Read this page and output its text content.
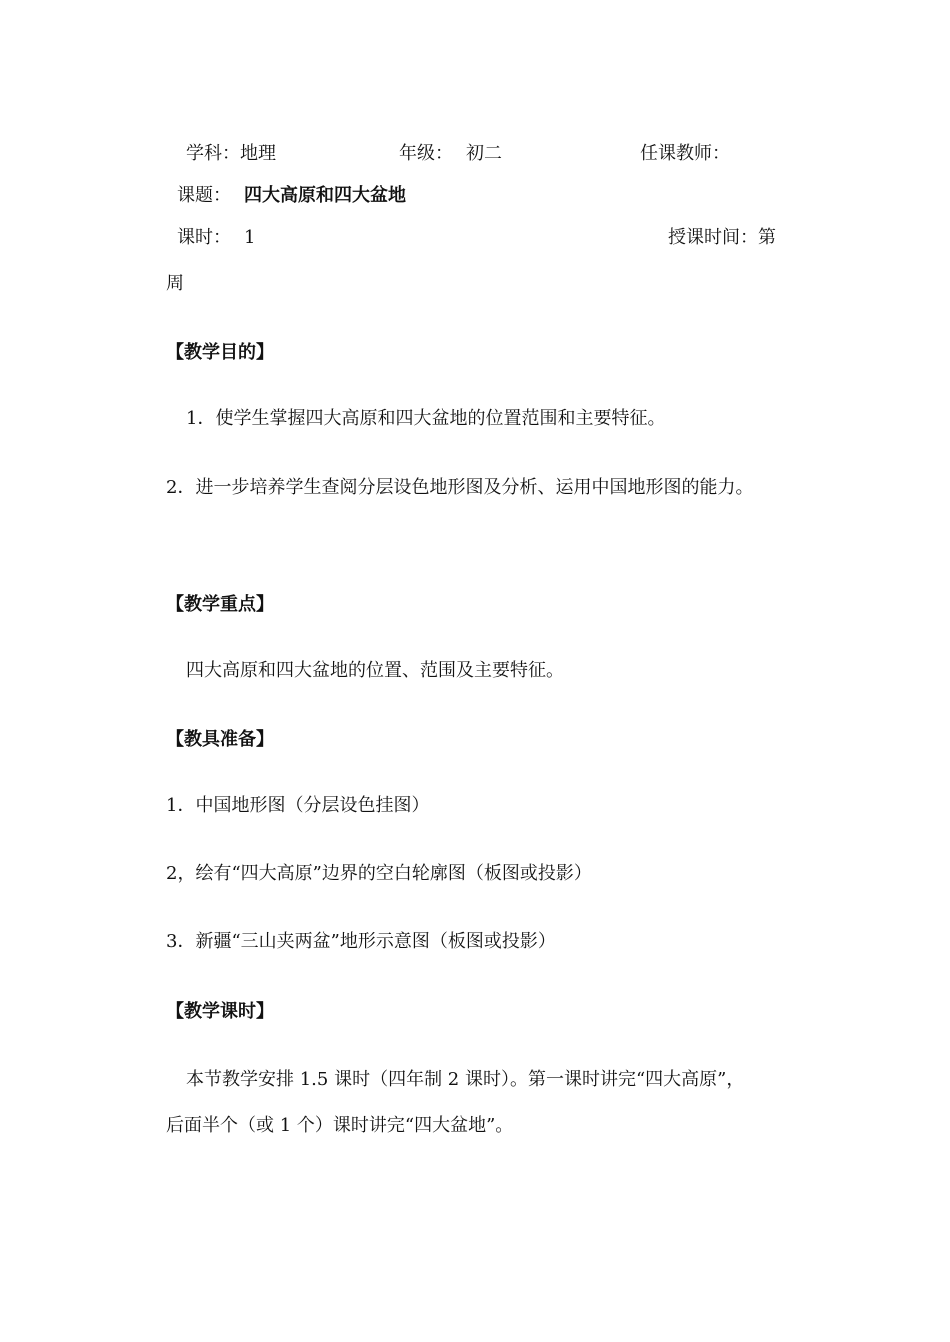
学科：地理	年级： 初二	任课教师：
课题： 四大高原和四大盆地
课时： 1	授课时间：第
周
【教学目的】
1．使学生掌握四大高原和四大盆地的位置范围和主要特征。
2．进一步培养学生查阅分层设色地形图及分析、运用中国地形图的能力。
【教学重点】
四大高原和四大盆地的位置、范围及主要特征。
【教具准备】
1．中国地形图（分层设色挂图）
2，绘有“四大高原”边界的空白轮廓图（板图或投影）
3．新疆“三山夹两盆”地形示意图（板图或投影）
【教学课时】
本节教学安排 1.5 课时（四年制 2 课时）。第一课时讲完“四大高原”，
后面半个（或 1 个）课时讲完“四大盆地”。
